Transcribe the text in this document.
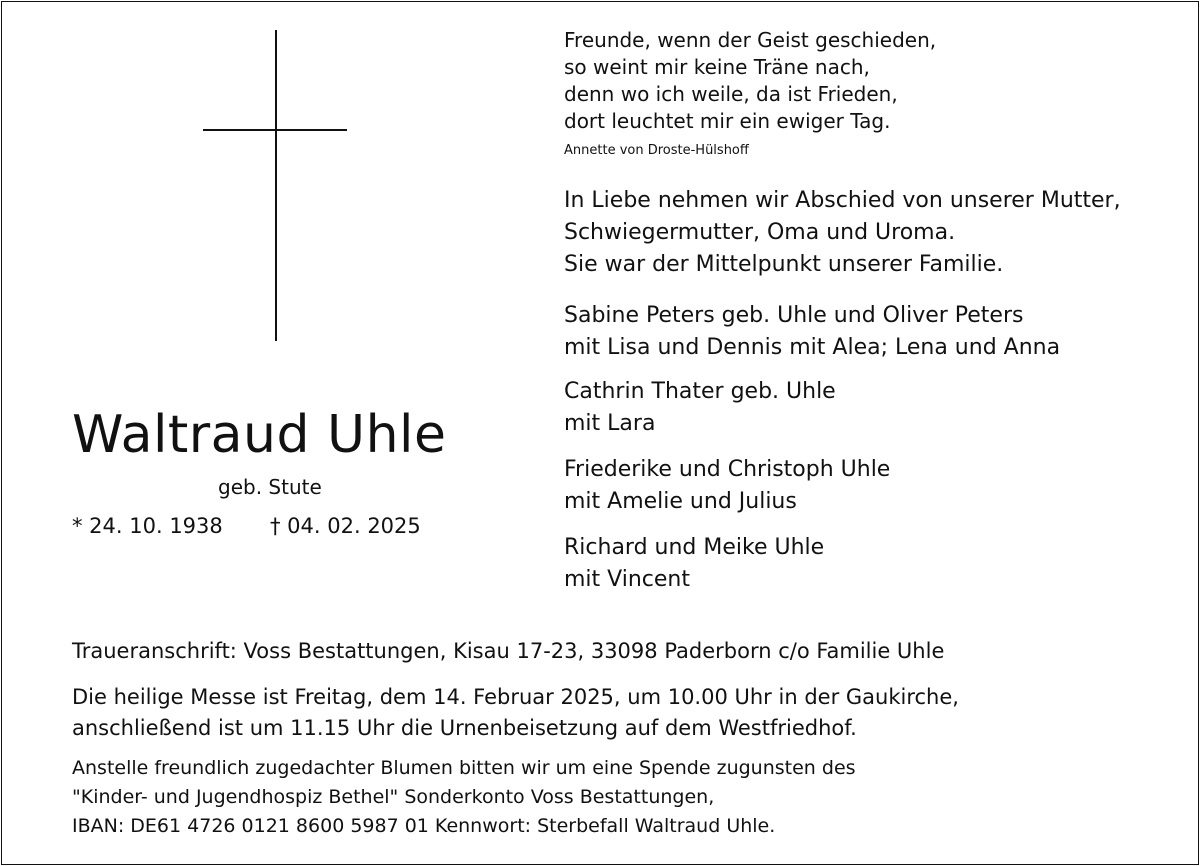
Freunde, wenn der Geist geschieden,
so weint mir keine Träne nach,
denn wo ich weile, da ist Frieden,
dort leuchtet mir ein ewiger Tag.
Annette von Droste-Hülshoff
In Liebe nehmen wir Abschied von unserer Mutter,
Schwiegermutter, Oma und Uroma.
Sie war der Mittelpunkt unserer Familie.
Sabine Peters geb. Uhle und Oliver Peters
mit Lisa und Dennis mit Alea; Lena und Anna
Cathrin Thater geb. Uhle
mit Lara
Friederike und Christoph Uhle
mit Amelie und Julius
Richard und Meike Uhle
mit Vincent
Waltraud Uhle
geb. Stute
* 24. 10. 1938 † 04. 02. 2025
Traueranschrift: Voss Bestattungen, Kisau 17-23, 33098 Paderborn c/o Familie Uhle
Die heilige Messe ist Freitag, dem 14. Februar 2025, um 10.00 Uhr in der Gaukirche,
anschließend ist um 11.15 Uhr die Urnenbeisetzung auf dem Westfriedhof.
Anstelle freundlich zugedachter Blumen bitten wir um eine Spende zugunsten des
"Kinder- und Jugendhospiz Bethel" Sonderkonto Voss Bestattungen,
IBAN: DE61 4726 0121 8600 5987 01 Kennwort: Sterbefall Waltraud Uhle.
